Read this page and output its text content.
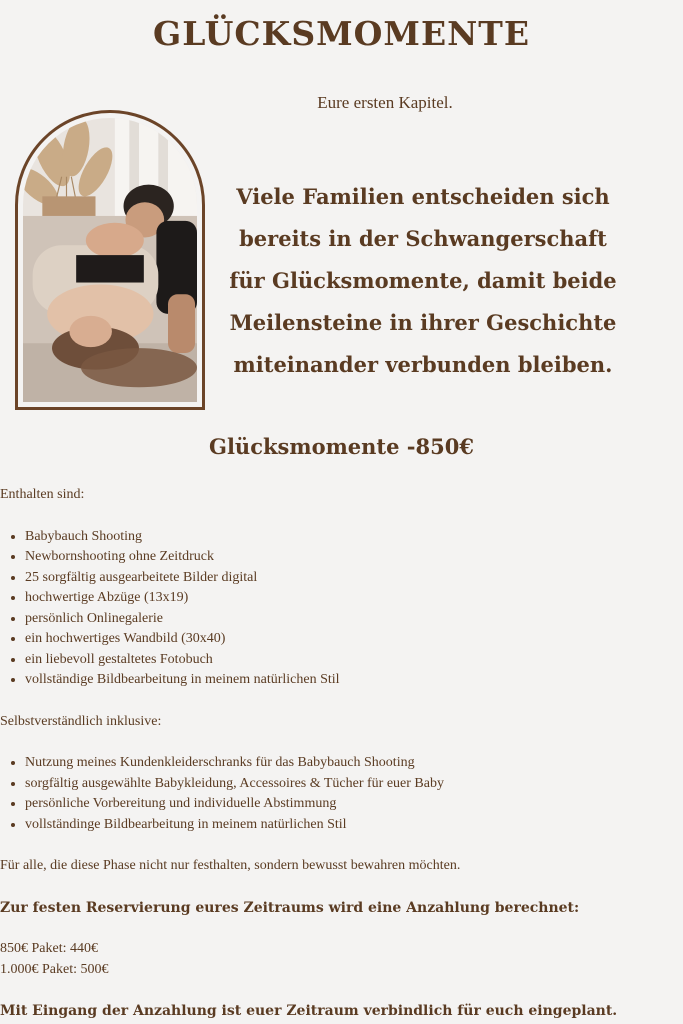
GLÜCKSMOMENTE
Eure ersten Kapitel.

Viele Familien entscheiden sich bereits in der Schwangerschaft für Glücksmomente, damit beide Meilensteine in ihrer Geschichte miteinander verbunden bleiben.

Glücksmomente -850€

Enthalten sind:

• Babybauch Shooting
• Newbornshooting ohne Zeitdruck
• 25 sorgfältig ausgearbeitete Bilder digital
• hochwertige Abzüge (13x19)
• persönlich Onlinegalerie
• ein hochwertiges Wandbild (30x40)
• ein liebevoll gestaltetes Fotobuch
• vollständige Bildbearbeitung in meinem natürlichen Stil

Selbstverständlich inklusive:

• Nutzung meines Kundenkleiderschranks für das Babybauch Shooting
• sorgfältig ausgewählte Babykleidung, Accessoires & Tücher für euer Baby
• persönliche Vorbereitung und individuelle Abstimmung
• vollständinge Bildbearbeitung in meinem natürlichen Stil

Für alle, die diese Phase nicht nur festhalten, sondern bewusst bewahren möchten.

Zur festen Reservierung eures Zeitraums wird eine Anzahlung berechnet:

850€ Paket: 440€

1.000€ Paket: 500€

Mit Eingang der Anzahlung ist euer Zeitraum verbindlich für euch eingeplant.
